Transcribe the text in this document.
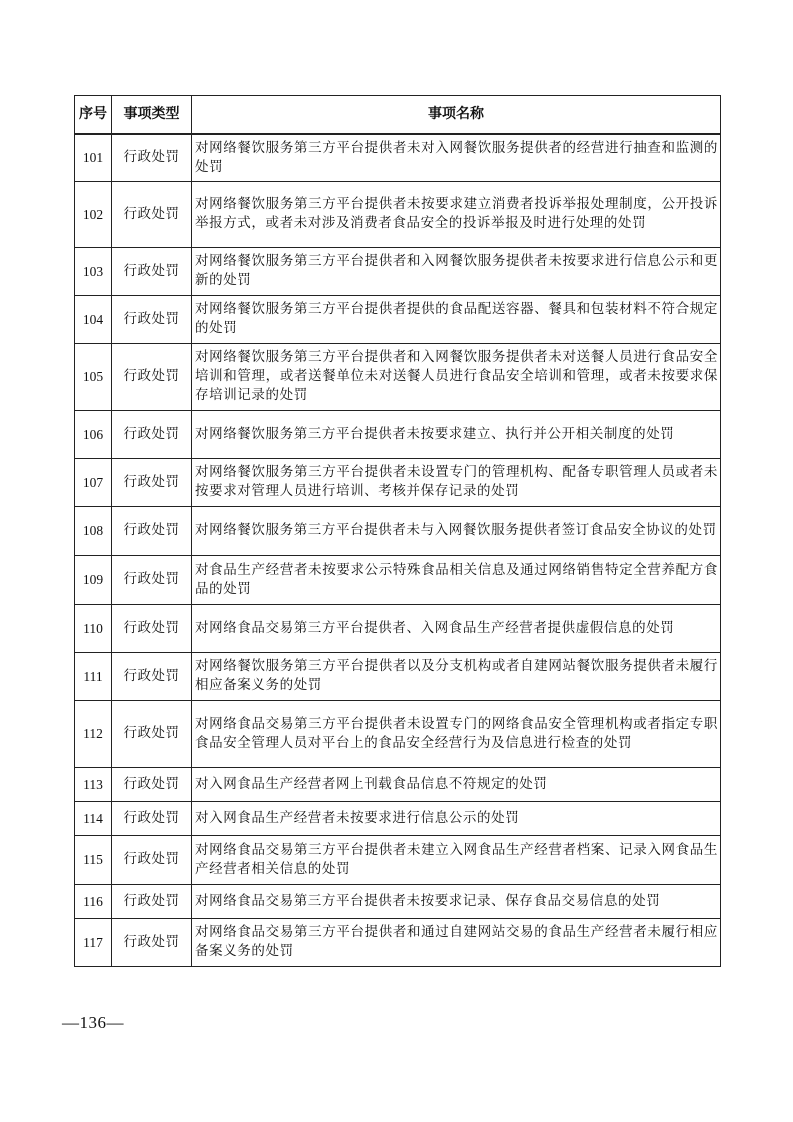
序号	事项类型	事项名称
101	行政处罚	对网络餐饮服务第三方平台提供者未对入网餐饮服务提供者的经营进行抽查和监测的处罚
102	行政处罚	对网络餐饮服务第三方平台提供者未按要求建立消费者投诉举报处理制度，公开投诉举报方式，或者未对涉及消费者食品安全的投诉举报及时进行处理的处罚
103	行政处罚	对网络餐饮服务第三方平台提供者和入网餐饮服务提供者未按要求进行信息公示和更新的处罚
104	行政处罚	对网络餐饮服务第三方平台提供者提供的食品配送容器、餐具和包装材料不符合规定的处罚
105	行政处罚	对网络餐饮服务第三方平台提供者和入网餐饮服务提供者未对送餐人员进行食品安全培训和管理，或者送餐单位未对送餐人员进行食品安全培训和管理，或者未按要求保存培训记录的处罚
106	行政处罚	对网络餐饮服务第三方平台提供者未按要求建立、执行并公开相关制度的处罚
107	行政处罚	对网络餐饮服务第三方平台提供者未设置专门的管理机构、配备专职管理人员或者未按要求对管理人员进行培训、考核并保存记录的处罚
108	行政处罚	对网络餐饮服务第三方平台提供者未与入网餐饮服务提供者签订食品安全协议的处罚
109	行政处罚	对食品生产经营者未按要求公示特殊食品相关信息及通过网络销售特定全营养配方食品的处罚
110	行政处罚	对网络食品交易第三方平台提供者、入网食品生产经营者提供虚假信息的处罚
111	行政处罚	对网络餐饮服务第三方平台提供者以及分支机构或者自建网站餐饮服务提供者未履行相应备案义务的处罚
112	行政处罚	对网络食品交易第三方平台提供者未设置专门的网络食品安全管理机构或者指定专职食品安全管理人员对平台上的食品安全经营行为及信息进行检查的处罚
113	行政处罚	对入网食品生产经营者网上刊载食品信息不符规定的处罚
114	行政处罚	对入网食品生产经营者未按要求进行信息公示的处罚
115	行政处罚	对网络食品交易第三方平台提供者未建立入网食品生产经营者档案、记录入网食品生产经营者相关信息的处罚
116	行政处罚	对网络食品交易第三方平台提供者未按要求记录、保存食品交易信息的处罚
117	行政处罚	对网络食品交易第三方平台提供者和通过自建网站交易的食品生产经营者未履行相应备案义务的处罚
—136—
